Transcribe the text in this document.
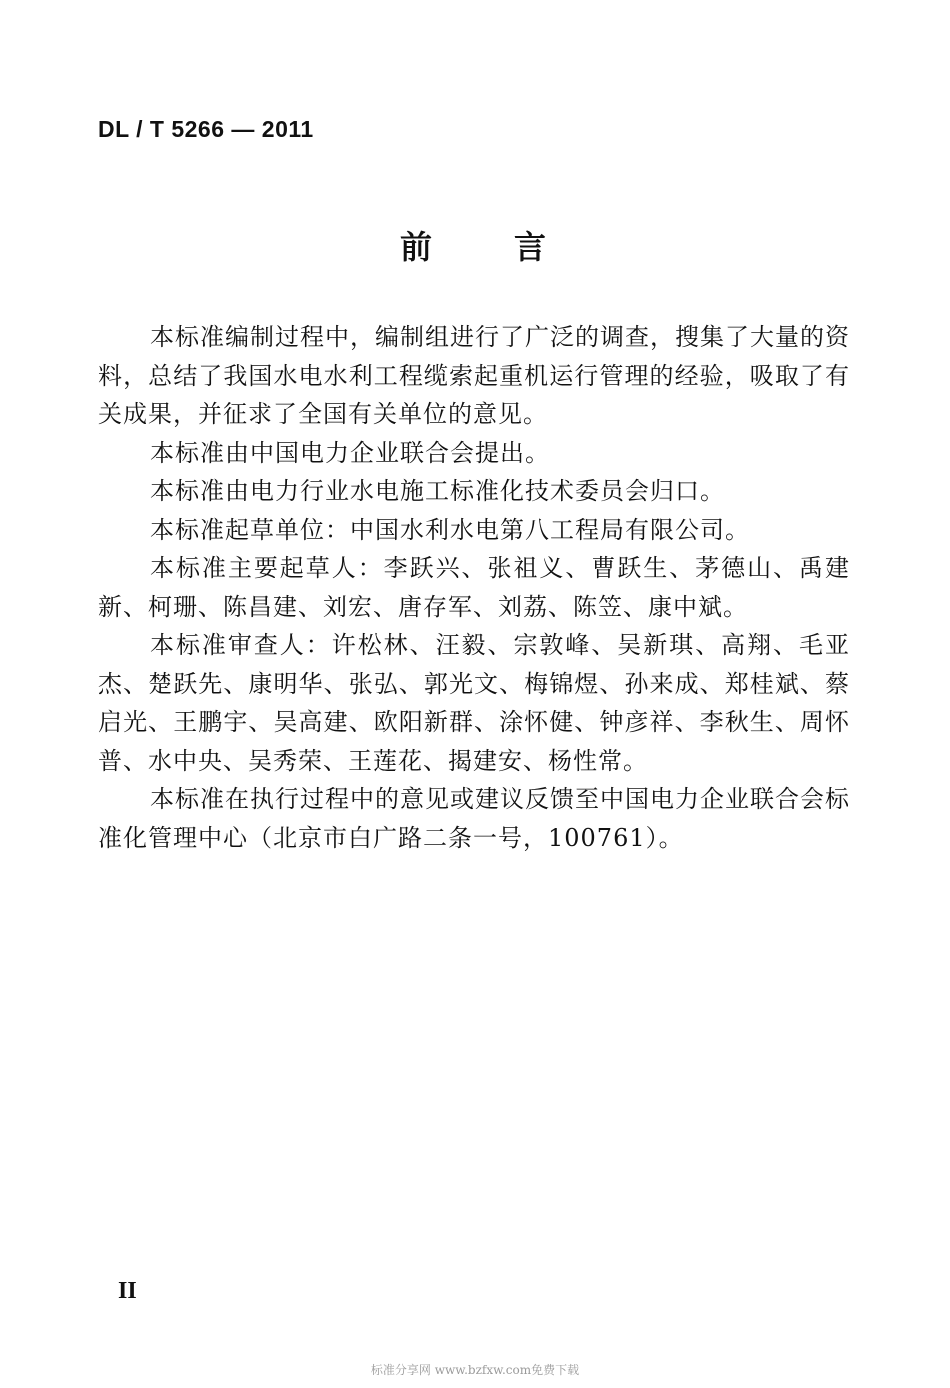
DL / T 5266 — 2011
前 言

本标准编制过程中，编制组进行了广泛的调查，搜集了大量的资料，总结了我国水电水利工程缆索起重机运行管理的经验，吸取了有关成果，并征求了全国有关单位的意见。

本标准由中国电力企业联合会提出。

本标准由电力行业水电施工标准化技术委员会归口。

本标准起草单位：中国水利水电第八工程局有限公司。

本标准主要起草人：李跃兴、张祖义、曹跃生、茅德山、禹建新、柯珊、陈昌建、刘宏、唐存军、刘荔、陈笠、康中斌。

本标准审查人：许松林、汪毅、宗敦峰、吴新琪、高翔、毛亚杰、楚跃先、康明华、张弘、郭光文、梅锦煜、孙来成、郑桂斌、蔡启光、王鹏宇、吴高建、欧阳新群、涂怀健、钟彦祥、李秋生、周怀普、水中央、吴秀荣、王莲花、揭建安、杨性常。

本标准在执行过程中的意见或建议反馈至中国电力企业联合会标准化管理中心（北京市白广路二条一号，100761）。

II
标准分享网 www.bzfxw.com免费下载
